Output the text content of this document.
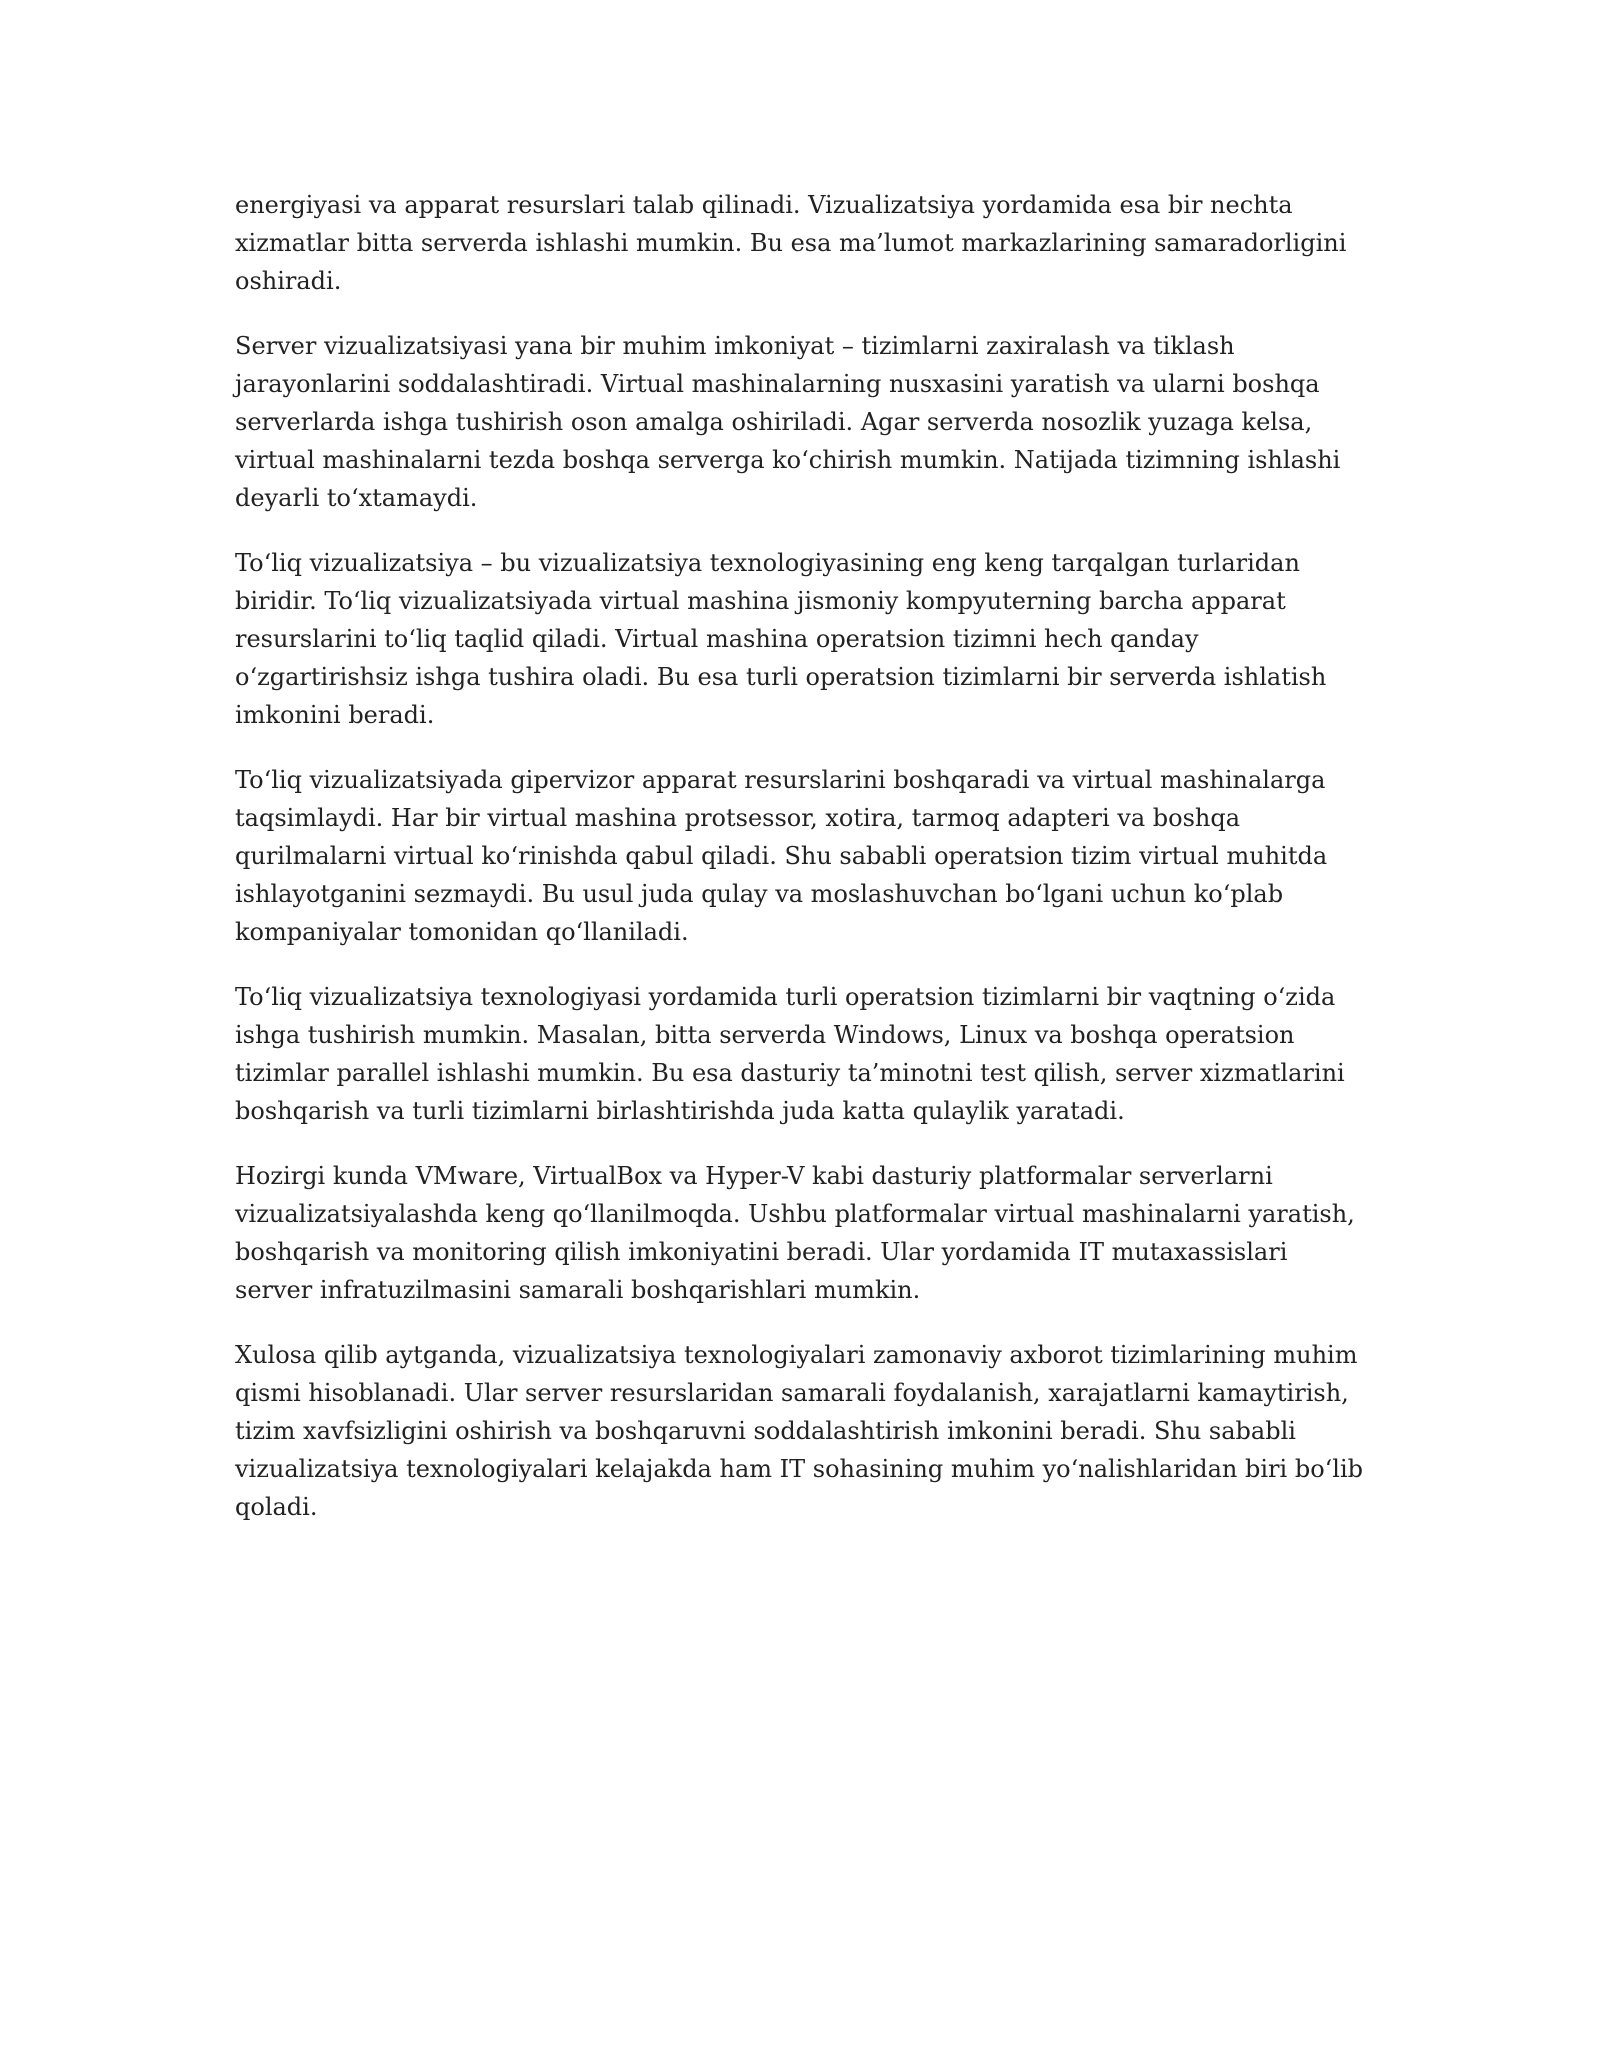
energiyasi va apparat resurslari talab qilinadi. Vizualizatsiya yordamida esa bir nechta xizmatlar bitta serverda ishlashi mumkin. Bu esa ma’lumot markazlarining samaradorligini oshiradi.

Server vizualizatsiyasi yana bir muhim imkoniyat – tizimlarni zaxiralash va tiklash jarayonlarini soddalashtiradi. Virtual mashinalarning nusxasini yaratish va ularni boshqa serverlarda ishga tushirish oson amalga oshiriladi. Agar serverda nosozlik yuzaga kelsa, virtual mashinalarni tezda boshqa serverga ko‘chirish mumkin. Natijada tizimning ishlashi deyarli to‘xtamaydi.

To‘liq vizualizatsiya – bu vizualizatsiya texnologiyasining eng keng tarqalgan turlaridan biridir. To‘liq vizualizatsiyada virtual mashina jismoniy kompyuterning barcha apparat resurslarini to‘liq taqlid qiladi. Virtual mashina operatsion tizimni hech qanday o‘zgartirishsiz ishga tushira oladi. Bu esa turli operatsion tizimlarni bir serverda ishlatish imkonini beradi.

To‘liq vizualizatsiyada gipervizor apparat resurslarini boshqaradi va virtual mashinalarga taqsimlaydi. Har bir virtual mashina protsessor, xotira, tarmoq adapteri va boshqa qurilmalarni virtual ko‘rinishda qabul qiladi. Shu sababli operatsion tizim virtual muhitda ishlayotganini sezmaydi. Bu usul juda qulay va moslashuvchan bo‘lgani uchun ko‘plab kompaniyalar tomonidan qo‘llaniladi.

To‘liq vizualizatsiya texnologiyasi yordamida turli operatsion tizimlarni bir vaqtning o‘zida ishga tushirish mumkin. Masalan, bitta serverda Windows, Linux va boshqa operatsion tizimlar parallel ishlashi mumkin. Bu esa dasturiy ta’minotni test qilish, server xizmatlarini boshqarish va turli tizimlarni birlashtirishda juda katta qulaylik yaratadi.

Hozirgi kunda VMware, VirtualBox va Hyper-V kabi dasturiy platformalar serverlarni vizualizatsiyalashda keng qo‘llanilmoqda. Ushbu platformalar virtual mashinalarni yaratish, boshqarish va monitoring qilish imkoniyatini beradi. Ular yordamida IT mutaxassislari server infratuzilmasini samarali boshqarishlari mumkin.

Xulosa qilib aytganda, vizualizatsiya texnologiyalari zamonaviy axborot tizimlarining muhim qismi hisoblanadi. Ular server resurslaridan samarali foydalanish, xarajatlarni kamaytirish, tizim xavfsizligini oshirish va boshqaruvni soddalashtirish imkonini beradi. Shu sababli vizualizatsiya texnologiyalari kelajakda ham IT sohasining muhim yo‘nalishlaridan biri bo‘lib qoladi.
